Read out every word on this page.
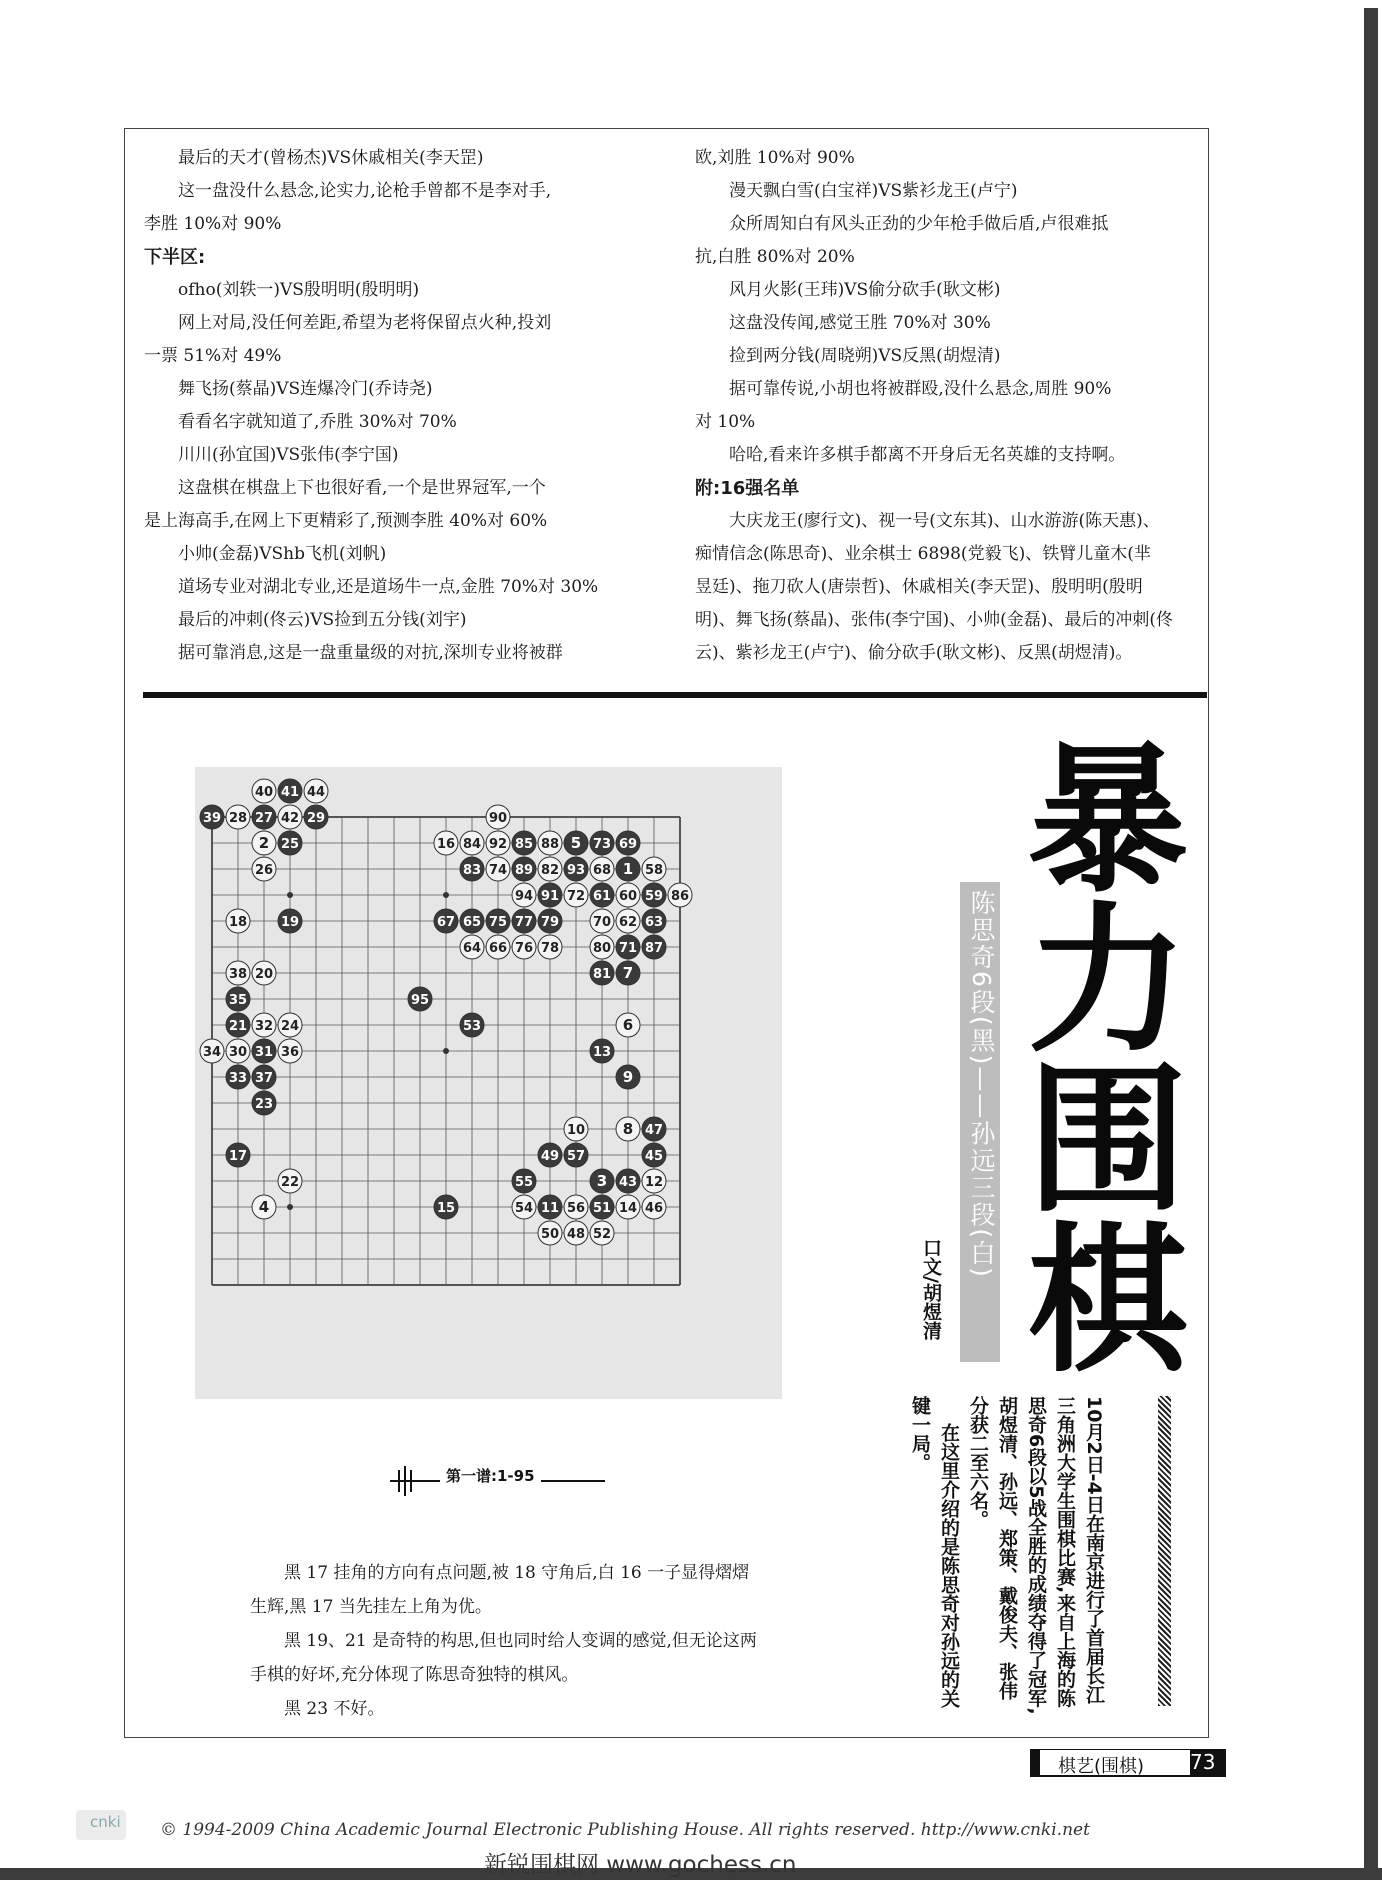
最后的天才(曾杨杰)VS休戚相关(李天罡)

这一盘没什么悬念,论实力,论枪手曾都不是李对手,

李胜 10%对 90%

下半区:

ofho(刘轶一)VS殷明明(殷明明)

网上对局,没任何差距,希望为老将保留点火种,投刘

一票 51%对 49%

舞飞扬(蔡晶)VS连爆冷门(乔诗尧)

看看名字就知道了,乔胜 30%对 70%

川川(孙宜国)VS张伟(李宁国)

这盘棋在棋盘上下也很好看,一个是世界冠军,一个

是上海高手,在网上下更精彩了,预测李胜 40%对 60%

小帅(金磊)VShb飞机(刘帆)

道场专业对湖北专业,还是道场牛一点,金胜 70%对 30%

最后的冲刺(佟云)VS捡到五分钱(刘宇)

据可靠消息,这是一盘重量级的对抗,深圳专业将被群

欧,刘胜 10%对 90%

漫天飘白雪(白宝祥)VS紫衫龙王(卢宁)

众所周知白有风头正劲的少年枪手做后盾,卢很难抵

抗,白胜 80%对 20%

风月火影(王玮)VS偷分砍手(耿文彬)

这盘没传闻,感觉王胜 70%对 30%

捡到两分钱(周晓朔)VS反黑(胡煜清)

据可靠传说,小胡也将被群殴,没什么悬念,周胜 90%

对 10%

哈哈,看来许多棋手都离不开身后无名英雄的支持啊。

附:16强名单

大庆龙王(廖行文)、视一号(文东其)、山水游游(陈天惠)、

痴情信念(陈思奇)、业余棋士 6898(党毅飞)、铁臂儿童木(芈

昱廷)、拖刀砍人(唐崇哲)、休戚相关(李天罡)、殷明明(殷明

明)、舞飞扬(蔡晶)、张伟(李宁国)、小帅(金磊)、最后的冲刺(佟

云)、紫衫龙王(卢宁)、偷分砍手(耿文彬)、反黑(胡煜清)。

40 41 44
39 28 27 42 29	90
2 25	16 84 92 85 88 5 73 69
26	83 74 89 82 93 68 1 58
94 91 72 61 60 59 86
18	19	67 65 75 77 79	70 62 63
64 66 76 78	80 71 87
38 20	81 7
35	95
21 32 24	53	6
34 30 31 36	13
33 37	9
23
10	8 47
17	49 57	45
22	55	3 43 12
4	15	54 11 56 51 14 46
50 48 52
第一谱:1-95

黑 17 挂角的方向有点问题,被 18 守角后,白 16 一子显得熠熠生辉,黑 17 当先挂左上角为优。

黑 19、21 是奇特的构思,但也同时给人变调的感觉,但无论这两手棋的好坏,充分体现了陈思奇独特的棋风。

黑 23 不好。

暴
力
围
棋
陈思奇6段(黑)——孙远三段(白)
口文/胡煜清

10月2日-4日在南京进行了首届长江三角洲大学生围棋比赛,来自上海的陈思奇6段以5战全胜的成绩夺得了冠军,胡煜清、孙远、郑策、戴俊夫、张伟分获二至六名。

在这里介绍的是陈思奇对孙远的关键一局。

棋艺(围棋) 73
cnki © 1994-2009 China Academic Journal Electronic Publishing House. All rights reserved. http://www.cnki.net
新锐围棋网 www.gochess.cn
